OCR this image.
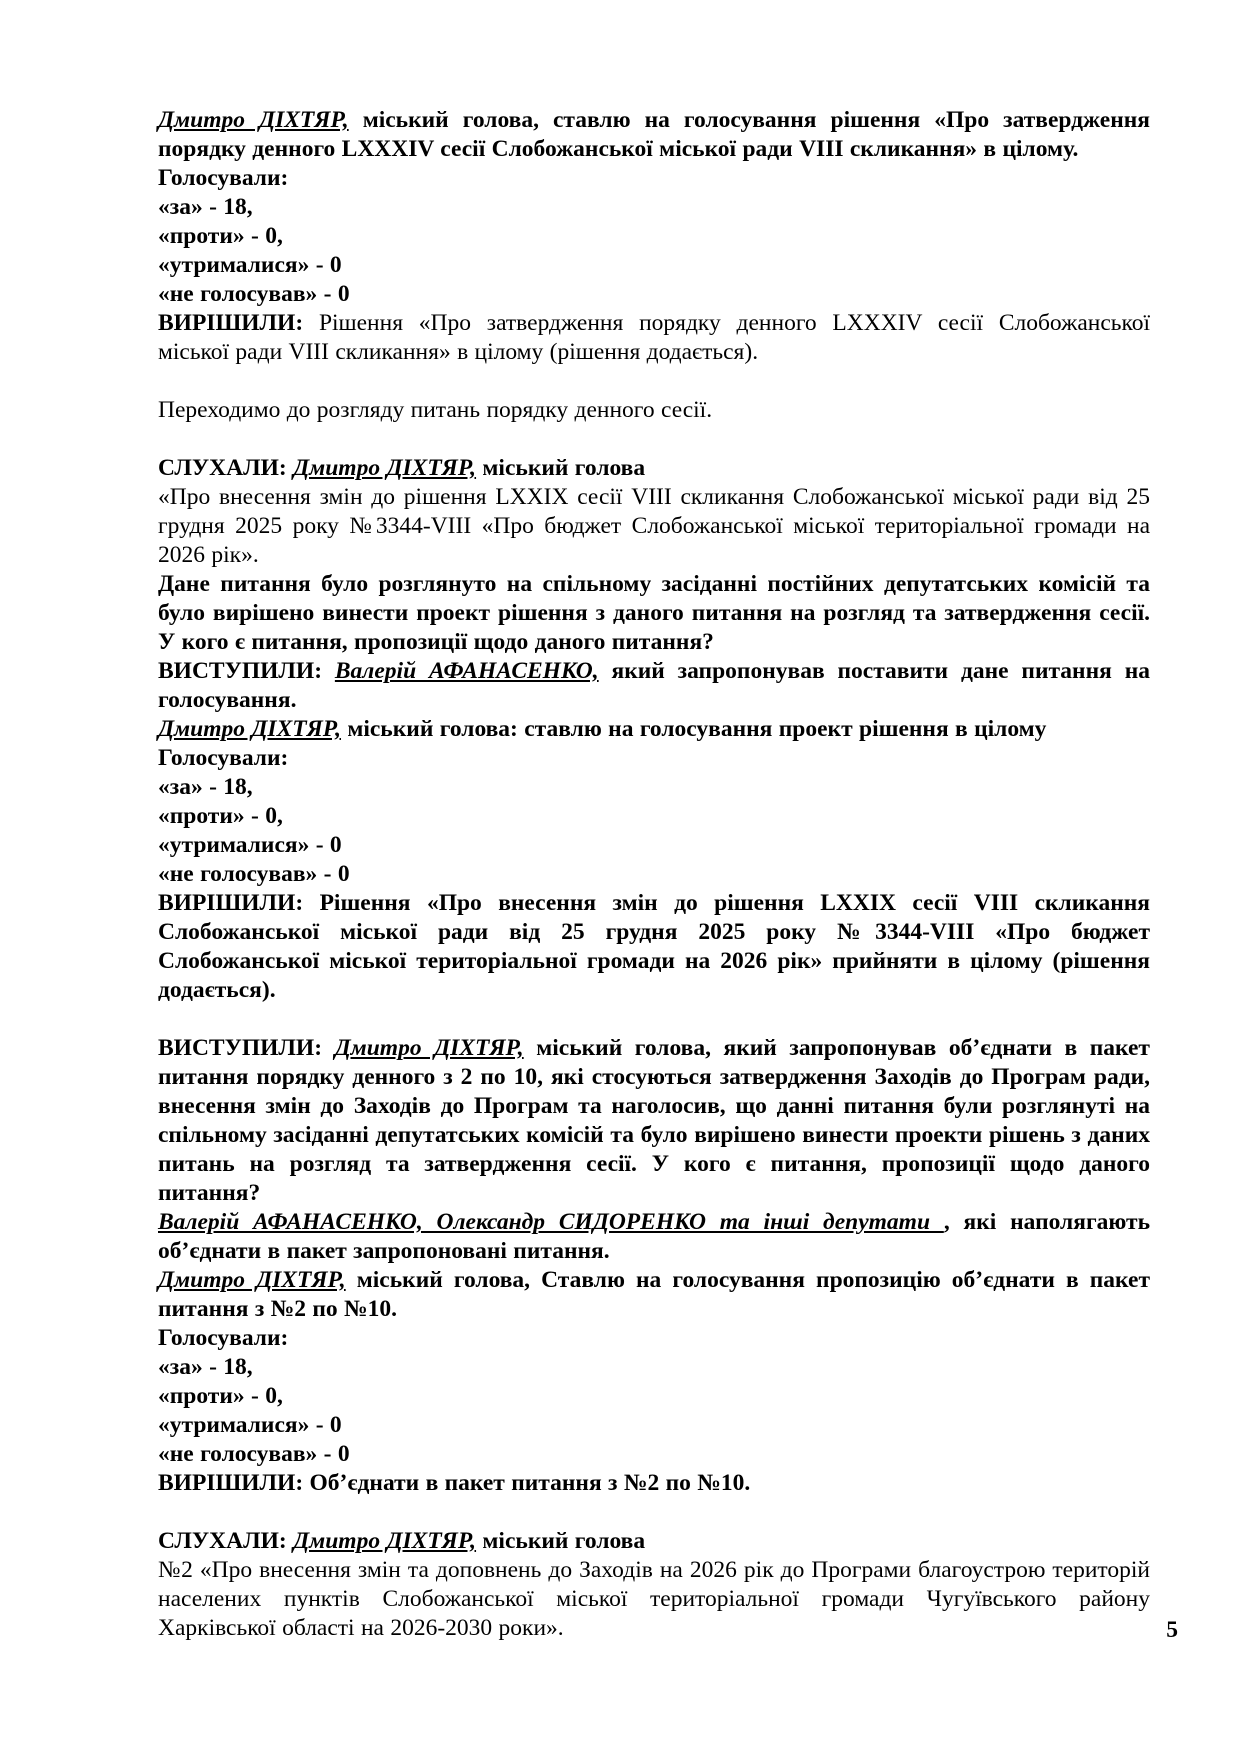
Дмитро ДІХТЯР, міський голова, ставлю на голосування рішення «Про затвердження порядку денного LXXXIV сесії Слобожанської міської ради VIII скликання» в цілому.

Голосували:

«за» - 18,

«проти» - 0,

«утрималися» - 0

«не голосував» - 0

ВИРІШИЛИ: Рішення «Про затвердження порядку денного LXXXIV сесії Слобожанської міської ради VIII скликання» в цілому (рішення додається).

Переходимо до розгляду питань порядку денного сесії.

СЛУХАЛИ: Дмитро ДІХТЯР, міський голова

«Про внесення змін до рішення LXXIX сесії VIII скликання Слобожанської міської ради від 25 грудня 2025 року №3344-VIII «Про бюджет Слобожанської міської територіальної громади на 2026 рік».

Дане питання було розглянуто на спільному засіданні постійних депутатських комісій та було вирішено винести проект рішення з даного питання на розгляд та затвердження сесії. У кого є питання, пропозиції щодо даного питання?

ВИСТУПИЛИ: Валерій АФАНАСЕНКО, який запропонував поставити дане питання на голосування.

Дмитро ДІХТЯР, міський голова: ставлю на голосування проект рішення в цілому

Голосували:

«за» - 18,

«проти» - 0,

«утрималися» - 0

«не голосував» - 0

ВИРІШИЛИ: Рішення «Про внесення змін до рішення LXXIX сесії VIII скликання Слобожанської міської ради від 25 грудня 2025 року №3344-VIII «Про бюджет Слобожанської міської територіальної громади на 2026 рік» прийняти в цілому (рішення додається).

ВИСТУПИЛИ: Дмитро ДІХТЯР, міський голова, який запропонував об’єднати в пакет питання порядку денного з 2 по 10, які стосуються затвердження Заходів до Програм ради, внесення змін до Заходів до Програм та наголосив, що данні питання були розглянуті на спільному засіданні депутатських комісій та було вирішено винести проекти рішень з даних питань на розгляд та затвердження сесії. У кого є питання, пропозиції щодо даного питання?

Валерій АФАНАСЕНКО, Олександр СИДОРЕНКО та інші депутати , які наполягають об’єднати в пакет запропоновані питання.

Дмитро ДІХТЯР, міський голова, Ставлю на голосування пропозицію об’єднати в пакет питання з №2 по №10.

Голосували:

«за» - 18,

«проти» - 0,

«утрималися» - 0

«не голосував» - 0

ВИРІШИЛИ: Об’єднати в пакет питання з №2 по №10.

СЛУХАЛИ: Дмитро ДІХТЯР, міський голова

№2 «Про внесення змін та доповнень до Заходів на 2026 рік до Програми благоустрою територій населених пунктів Слобожанської міської територіальної громади Чугуївського району Харківської області на 2026-2030 роки».	5
